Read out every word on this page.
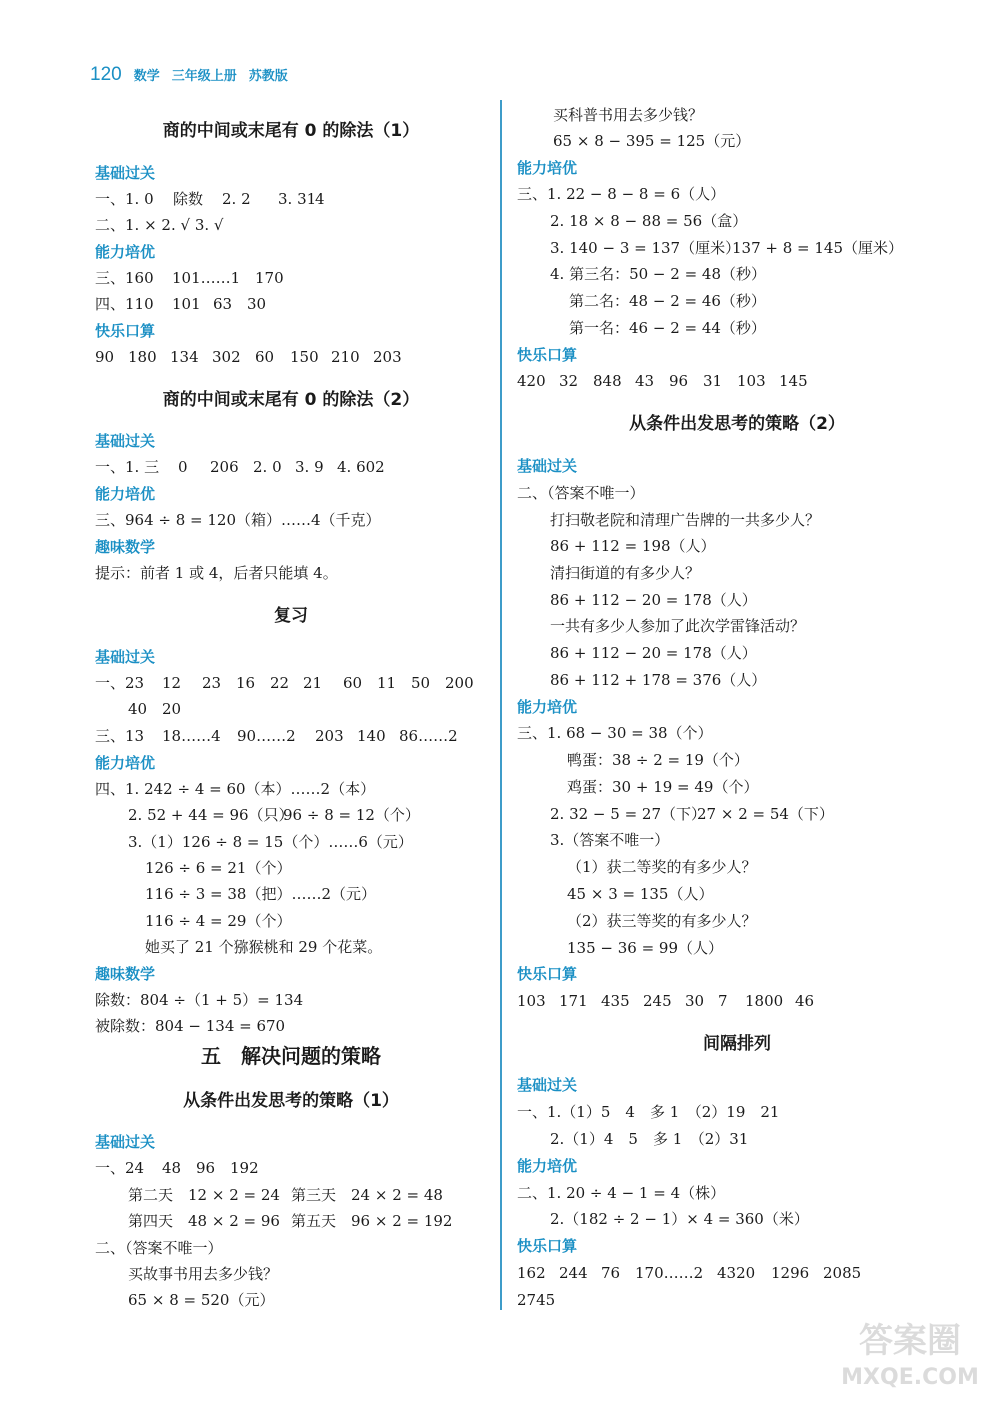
120 数学 三年级上册 苏教版
商的中间或末尾有 0 的除法（1）
基础过关
一、1. 0 除数 2. 2 3. 31
4
二、1. × 2. √ 3. √
能力培优
三、160 101……1 170
四、110 101 63 30
快乐口算
90 180 134 302 60 150 210 203
商的中间或末尾有 0 的除法（2）
基础过关
一、1. 三 0 206 2. 0 3. 9 4. 602
能力培优
三、964 ÷ 8 = 120（箱）……4（千克）
趣味数学
提示：前者 1 或 4，后者只能填 4。
复习
基础过关
一、23 12 23 16 22 21 60 11 50 200
40 20
三、13 18……4 90……2 203 140 86……2
能力培优
四、1. 242 ÷ 4 = 60（本）……2（本）
2. 52 + 44 = 96（只）
96 ÷ 8 = 12（个）
3.（1）126 ÷ 8 = 15（个）……6（元）
126 ÷ 6 = 21（个）
116 ÷ 3 = 38（把）……2（元）
116 ÷ 4 = 29（个）
她买了 21 个猕猴桃和 29 个花菜。
趣味数学
除数：804 ÷（1 + 5）= 134
被除数：804 − 134 = 670
五　解决问题的策略
从条件出发思考的策略（1）
基础过关
一、24 48 96 192
第二天　12 × 2 = 24 第三天　24 × 2 = 48
第四天　48 × 2 = 96 第五天　96 × 2 = 192
二、（答案不唯一）
买故事书用去多少钱？
65 × 8 = 520（元）
买科普书用去多少钱？
65 × 8 − 395 = 125（元）
能力培优
三、1. 22 − 8 − 8 = 6（人）
2. 18 × 8 − 88 = 56（盒）
3. 140 − 3 = 137（厘米）
137 + 8 = 145（厘米）
4. 第三名：50 − 2 = 48（秒）
第二名：48 − 2 = 46（秒）
第一名：46 − 2 = 44（秒）
快乐口算
420 32 848 43 96 31 103 145
从条件出发思考的策略（2）
基础过关
二、（答案不唯一）
打扫敬老院和清理广告牌的一共多少人？
86 + 112 = 198（人）
清扫街道的有多少人？
86 + 112 − 20 = 178（人）
一共有多少人参加了此次学雷锋活动？
86 + 112 − 20 = 178（人）
86 + 112 + 178 = 376（人）
能力培优
三、1. 68 − 30 = 38（个）
鸭蛋：38 ÷ 2 = 19（个）
鸡蛋：30 + 19 = 49（个）
2. 32 − 5 = 27（下）
27 × 2 = 54（下）
3.（答案不唯一）
（1）获二等奖的有多少人？
45 × 3 = 135（人）
（2）获三等奖的有多少人？
135 − 36 = 99（人）
快乐口算
103 171 435 245 30 7 1800 46
间隔排列
基础过关
一、1.（1）5　4　多 1　（2）19　21
2.（1）4　5　多 1　（2）31
能力培优
二、1. 20 ÷ 4 − 1 = 4（株）
2.（182 ÷ 2 − 1）× 4 = 360（米）
快乐口算
162 244 76 170……2 4320 1296 2085
2745
答案圈
MXQE.COM
